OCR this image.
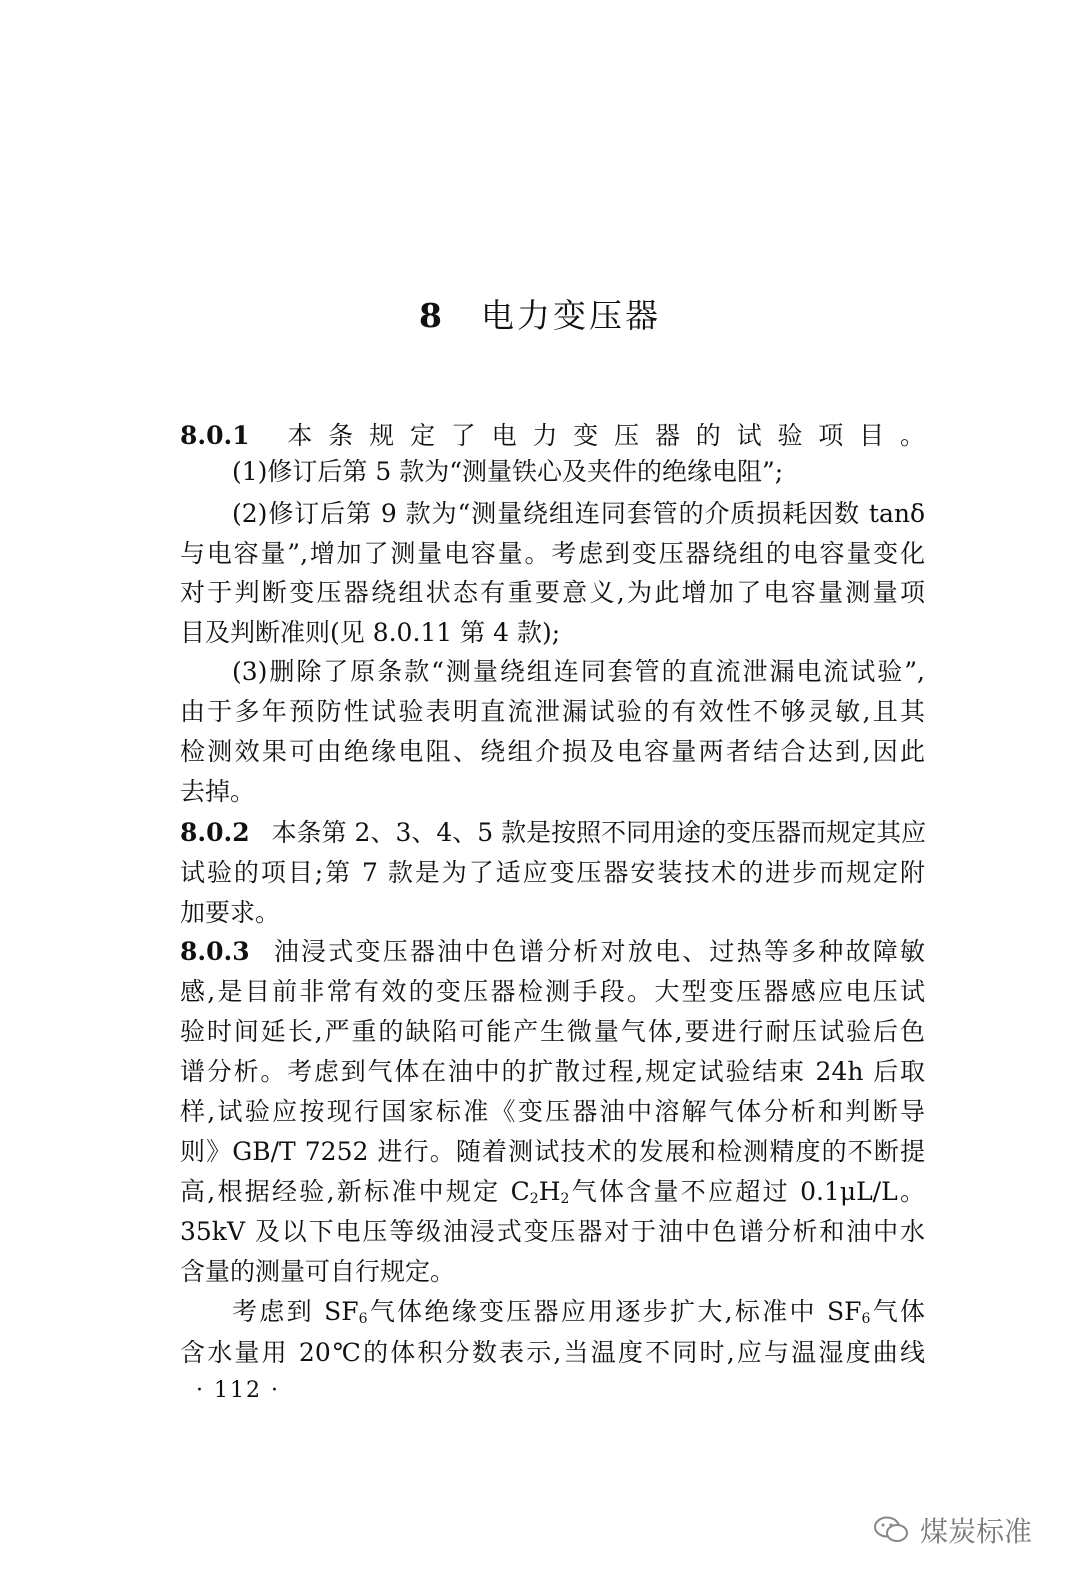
8 电力变压器
8.0.1 本条规定了电力变压器的试验项目。
(1)修订后第 5 款为“测量铁心及夹件的绝缘电阻”;
(2)修订后第 9 款为“测量绕组连同套管的介质损耗因数 tanδ
与电容量”,增加了测量电容量。考虑到变压器绕组的电容量变化
对于判断变压器绕组状态有重要意义,为此增加了电容量测量项
目及判断准则(见 8.0.11 第 4 款);
(3)删除了原条款“测量绕组连同套管的直流泄漏电流试验”,
由于多年预防性试验表明直流泄漏试验的有效性不够灵敏,且其
检测效果可由绝缘电阻、绕组介损及电容量两者结合达到,因此
去掉。
8.0.2 本条第 2、3、4、5 款是按照不同用途的变压器而规定其应
试验的项目;第 7 款是为了适应变压器安装技术的进步而规定附
加要求。
8.0.3 油浸式变压器油中色谱分析对放电、过热等多种故障敏
感,是目前非常有效的变压器检测手段。大型变压器感应电压试
验时间延长,严重的缺陷可能产生微量气体,要进行耐压试验后色
谱分析。考虑到气体在油中的扩散过程,规定试验结束 24h 后取
样,试验应按现行国家标准《变压器油中溶解气体分析和判断导
则》GB/T 7252 进行。随着测试技术的发展和检测精度的不断提
高,根据经验,新标准中规定 $C_2H_2$气体含量不应超过 0.1μL/L。
35kV 及以下电压等级油浸式变压器对于油中色谱分析和油中水
含量的测量可自行规定。
考虑到 $SF_6$气体绝缘变压器应用逐步扩大,标准中 $SF_6$气体
含水量用 20℃的体积分数表示,当温度不同时,应与温湿度曲线
· 112 ·
煤炭标准
